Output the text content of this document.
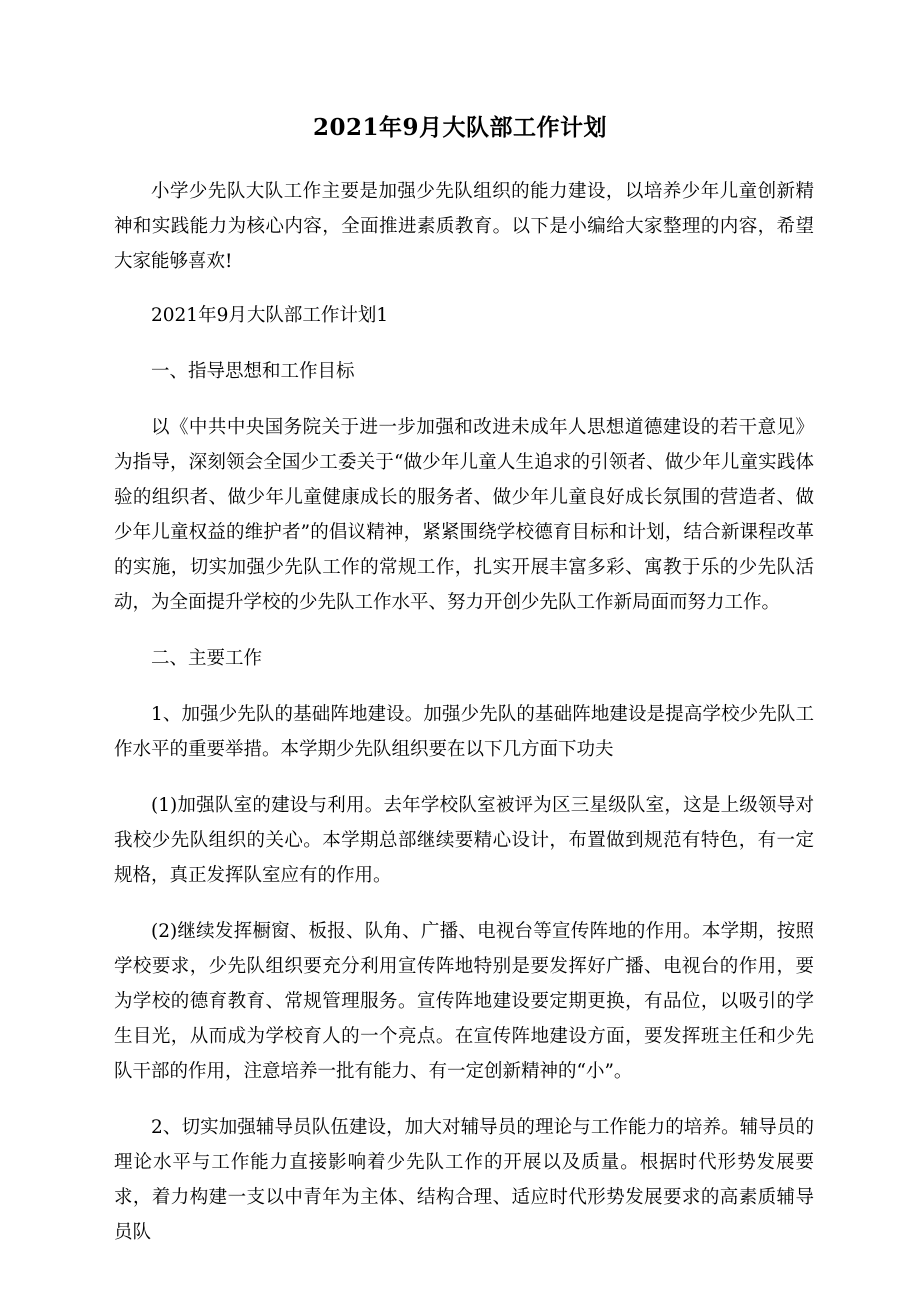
2021年9月大队部工作计划

小学少先队大队工作主要是加强少先队组织的能力建设，以培养少年儿童创新精神和实践能力为核心内容，全面推进素质教育。以下是小编给大家整理的内容，希望大家能够喜欢!

2021年9月大队部工作计划1

一、指导思想和工作目标

以《中共中央国务院关于进一步加强和改进未成年人思想道德建设的若干意见》为指导，深刻领会全国少工委关于“做少年儿童人生追求的引领者、做少年儿童实践体验的组织者、做少年儿童健康成长的服务者、做少年儿童良好成长氛围的营造者、做少年儿童权益的维护者”的倡议精神，紧紧围绕学校德育目标和计划，结合新课程改革的实施，切实加强少先队工作的常规工作，扎实开展丰富多彩、寓教于乐的少先队活动，为全面提升学校的少先队工作水平、努力开创少先队工作新局面而努力工作。

二、主要工作

1、加强少先队的基础阵地建设。加强少先队的基础阵地建设是提高学校少先队工作水平的重要举措。本学期少先队组织要在以下几方面下功夫

(1)加强队室的建设与利用。去年学校队室被评为区三星级队室，这是上级领导对我校少先队组织的关心。本学期总部继续要精心设计，布置做到规范有特色，有一定规格，真正发挥队室应有的作用。

(2)继续发挥橱窗、板报、队角、广播、电视台等宣传阵地的作用。本学期，按照学校要求，少先队组织要充分利用宣传阵地特别是要发挥好广播、电视台的作用，要为学校的德育教育、常规管理服务。宣传阵地建设要定期更换，有品位，以吸引的学生目光，从而成为学校育人的一个亮点。在宣传阵地建设方面，要发挥班主任和少先队干部的作用，注意培养一批有能力、有一定创新精神的“小”。

2、切实加强辅导员队伍建设，加大对辅导员的理论与工作能力的培养。辅导员的理论水平与工作能力直接影响着少先队工作的开展以及质量。根据时代形势发展要求，着力构建一支以中青年为主体、结构合理、适应时代形势发展要求的高素质辅导员队
